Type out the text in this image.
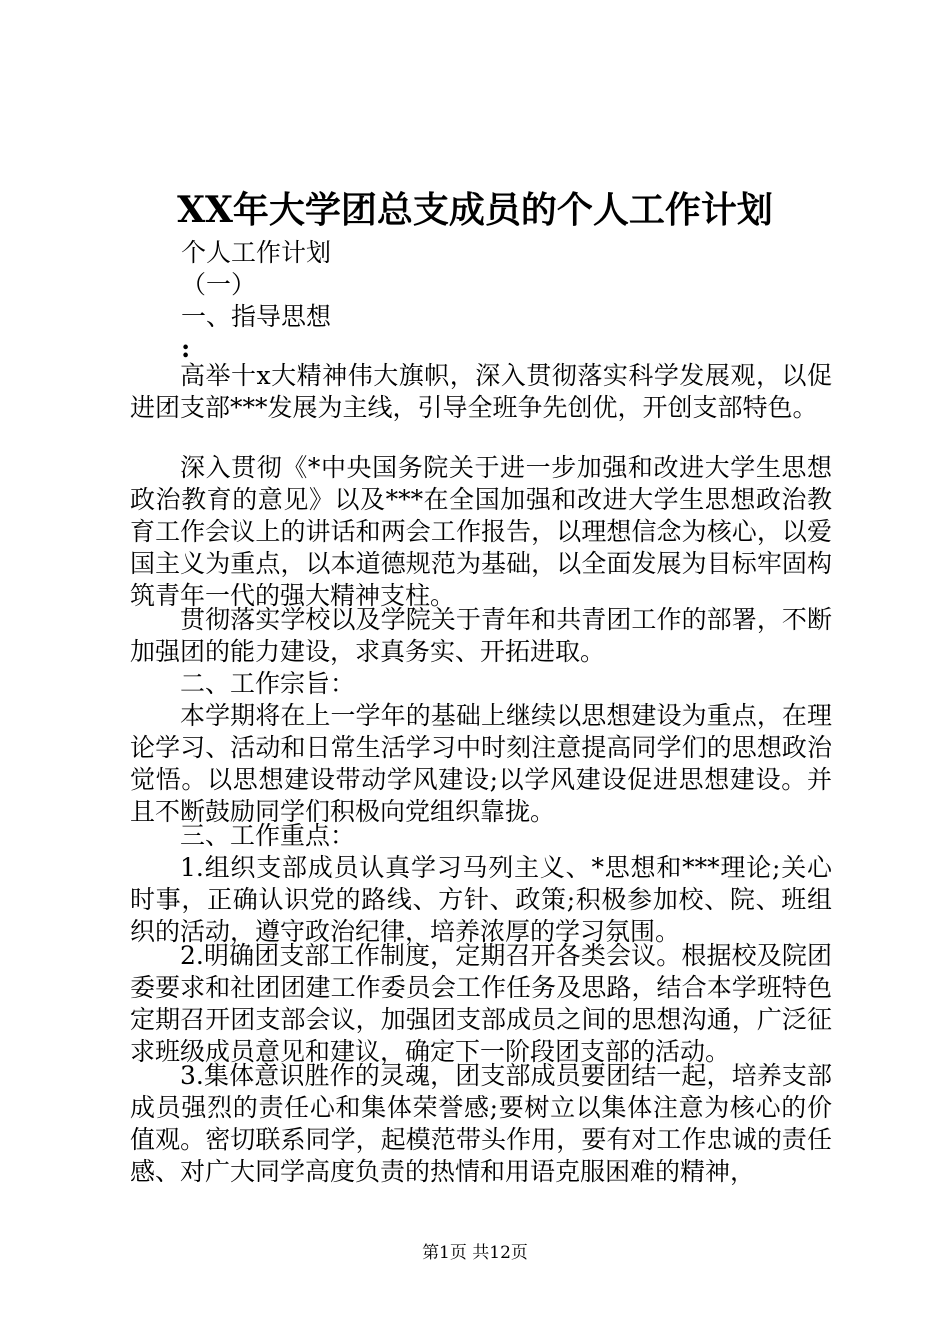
XX年大学团总支成员的个人工作计划
个人工作计划
（一）
一、指导思想
:
高举十x大精神伟大旗帜，深入贯彻落实科学发展观，以促进团支部***发展为主线，引导全班争先创优，开创支部特色。
深入贯彻《*中央国务院关于进一步加强和改进大学生思想政治教育的意见》以及***在全国加强和改进大学生思想政治教育工作会议上的讲话和两会工作报告，以理想信念为核心，以爱国主义为重点，以本道德规范为基础，以全面发展为目标牢固构筑青年一代的强大精神支柱。
贯彻落实学校以及学院关于青年和共青团工作的部署，不断加强团的能力建设，求真务实、开拓进取。
二、工作宗旨：
本学期将在上一学年的基础上继续以思想建设为重点，在理论学习、活动和日常生活学习中时刻注意提高同学们的思想政治觉悟。以思想建设带动学风建设;以学风建设促进思想建设。并且不断鼓励同学们积极向党组织靠拢。
三、工作重点：
1.组织支部成员认真学习马列主义、*思想和***理论;关心时事，正确认识党的路线、方针、政策;积极参加校、院、班组织的活动，遵守政治纪律，培养浓厚的学习氛围。
2.明确团支部工作制度，定期召开各类会议。根据校及院团委要求和社团团建工作委员会工作任务及思路，结合本学班特色定期召开团支部会议，加强团支部成员之间的思想沟通，广泛征求班级成员意见和建议，确定下一阶段团支部的活动。
3.集体意识胜作的灵魂，团支部成员要团结一起，培养支部成员强烈的责任心和集体荣誉感;要树立以集体注意为核心的价值观。密切联系同学，起模范带头作用，要有对工作忠诚的责任感、对广大同学高度负责的热情和用语克服困难的精神，
第1页 共12页
